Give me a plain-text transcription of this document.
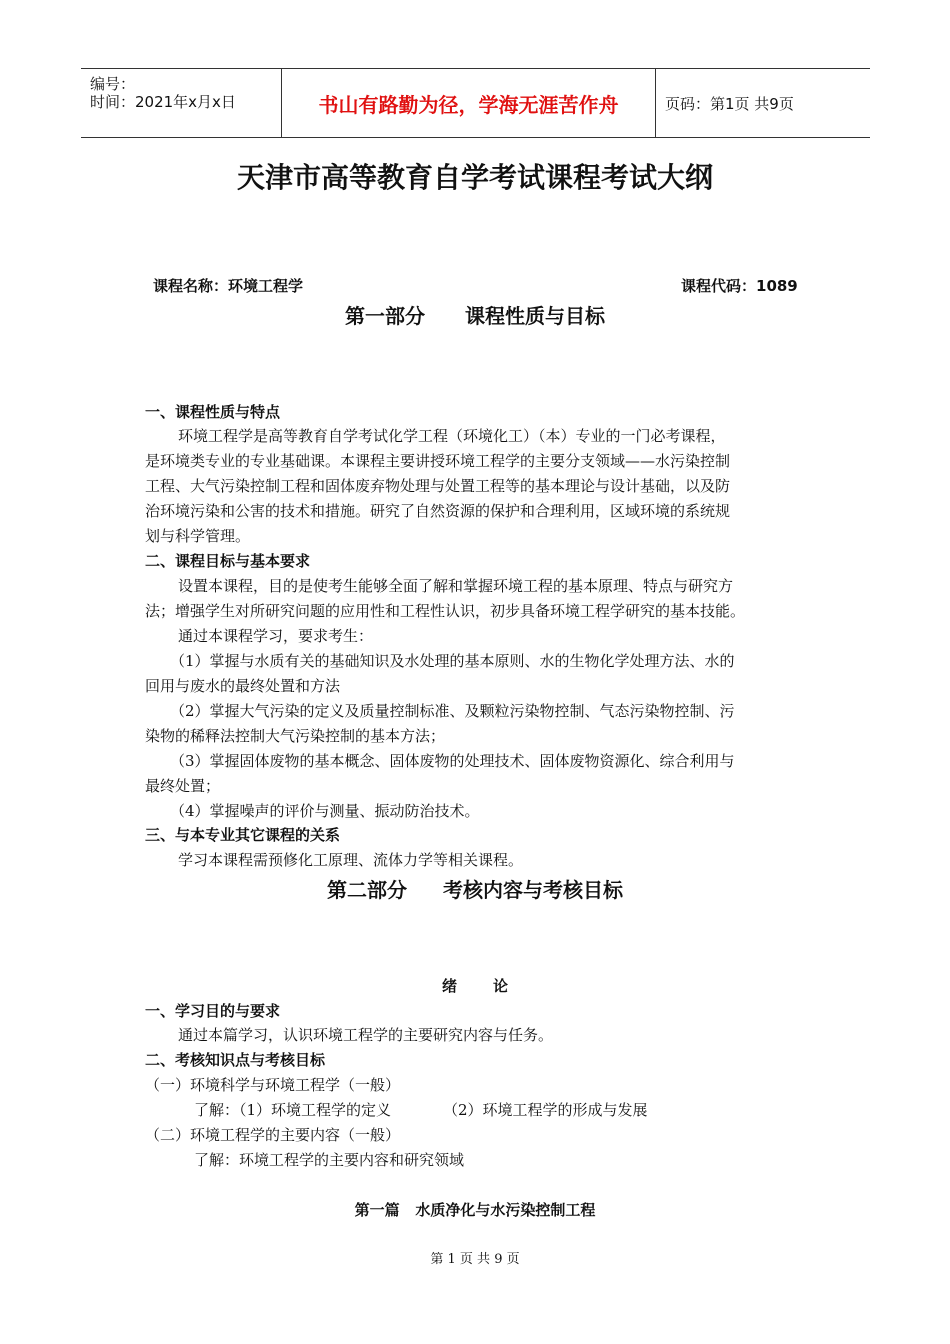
编号：
时间：2021年x月x日	书山有路勤为径，学海无涯苦作舟	页码：第1页 共9页
天津市高等教育自学考试课程考试大纲
课程名称：环境工程学	课程代码：1089
第一部分 课程性质与目标
一、课程性质与特点
环境工程学是高等教育自学考试化学工程（环境化工）（本）专业的一门必考课程，
是环境类专业的专业基础课。本课程主要讲授环境工程学的主要分支领域——水污染控制
工程、大气污染控制工程和固体废弃物处理与处置工程等的基本理论与设计基础，以及防
治环境污染和公害的技术和措施。研究了自然资源的保护和合理利用，区域环境的系统规
划与科学管理。
二、课程目标与基本要求
设置本课程，目的是使考生能够全面了解和掌握环境工程的基本原理、特点与研究方
法；增强学生对所研究问题的应用性和工程性认识，初步具备环境工程学研究的基本技能。
通过本课程学习，要求考生：
（1）掌握与水质有关的基础知识及水处理的基本原则、水的生物化学处理方法、水的
回用与废水的最终处置和方法
（2）掌握大气污染的定义及质量控制标准、及颗粒污染物控制、气态污染物控制、污
染物的稀释法控制大气污染控制的基本方法；
（3）掌握固体废物的基本概念、固体废物的处理技术、固体废物资源化、综合利用与
最终处置；
（4）掌握噪声的评价与测量、振动防治技术。
三、与本专业其它课程的关系
学习本课程需预修化工原理、流体力学等相关课程。
第二部分 考核内容与考核目标
绪 论
一、学习目的与要求
通过本篇学习，认识环境工程学的主要研究内容与任务。
二、考核知识点与考核目标
（一）环境科学与环境工程学（一般）
了解：（1）环境工程学的定义	（2）环境工程学的形成与发展
（二）环境工程学的主要内容（一般）
了解：环境工程学的主要内容和研究领域
第一篇 水质净化与水污染控制工程
第 1 页 共 9 页
